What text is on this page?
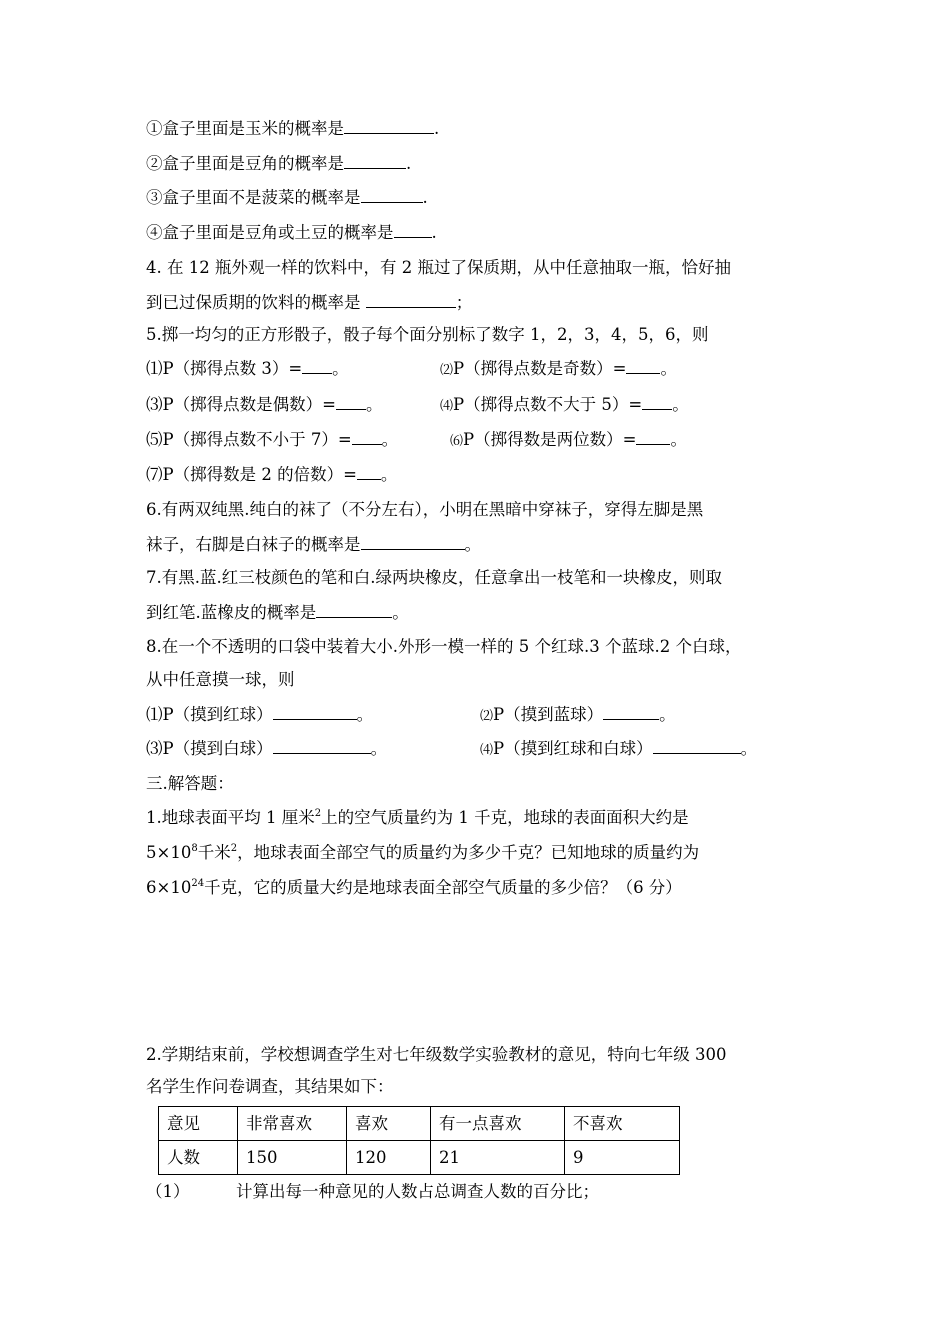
①盒子里面是玉米的概率是	.
②盒子里面是豆角的概率是	.
③盒子里面不是菠菜的概率是	.
④盒子里面是豆角或土豆的概率是 .
4. 在 12 瓶外观一样的饮料中，有 2 瓶过了保质期，从中任意抽取一瓶，恰好抽
到已过保质期的饮料的概率是	；
5.掷一均匀的正方形骰子，骰子每个面分别标了数字 1，2，3，4，5，6，则
⑴P（掷得点数 3）= 。	⑵P（掷得点数是奇数）= 。
⑶P（掷得点数是偶数）= 。	⑷P（掷得点数不大于 5）= 。
⑸P（掷得点数不小于 7）= 。	⑹P（掷得数是两位数）= 。
⑺P（掷得数是 2 的倍数）= 。
6.有两双纯黑.纯白的袜了（不分左右），小明在黑暗中穿袜子，穿得左脚是黑
袜子，右脚是白袜子的概率是	。
7.有黑.蓝.红三枝颜色的笔和白.绿两块橡皮，任意拿出一枝笔和一块橡皮，则取
到红笔.蓝橡皮的概率是	。
8.在一个不透明的口袋中装着大小.外形一模一样的 5 个红球.3 个蓝球.2 个白球，
从中任意摸一球，则
⑴P（摸到红球）	。	⑵P（摸到蓝球）	。
⑶P（摸到白球）	。	⑷P（摸到红球和白球）	。
三.解答题：
1.地球表面平均 1 厘米$^2$上的空气质量约为 1 千克，地球的表面面积大约是
$5\times 10^8$千米$^2$，地球表面全部空气的质量约为多少千克？已知地球的质量约为
$6\times 10^{24}$千克，它的质量大约是地球表面全部空气质量的多少倍？（6 分）
2.学期结束前，学校想调查学生对七年级数学实验教材的意见，特向七年级 300
名学生作问卷调查，其结果如下：
意见	非常喜欢	喜欢	有一点喜欢	不喜欢
人数	150	120	21	9
（1）	计算出每一种意见的人数占总调查人数的百分比；
